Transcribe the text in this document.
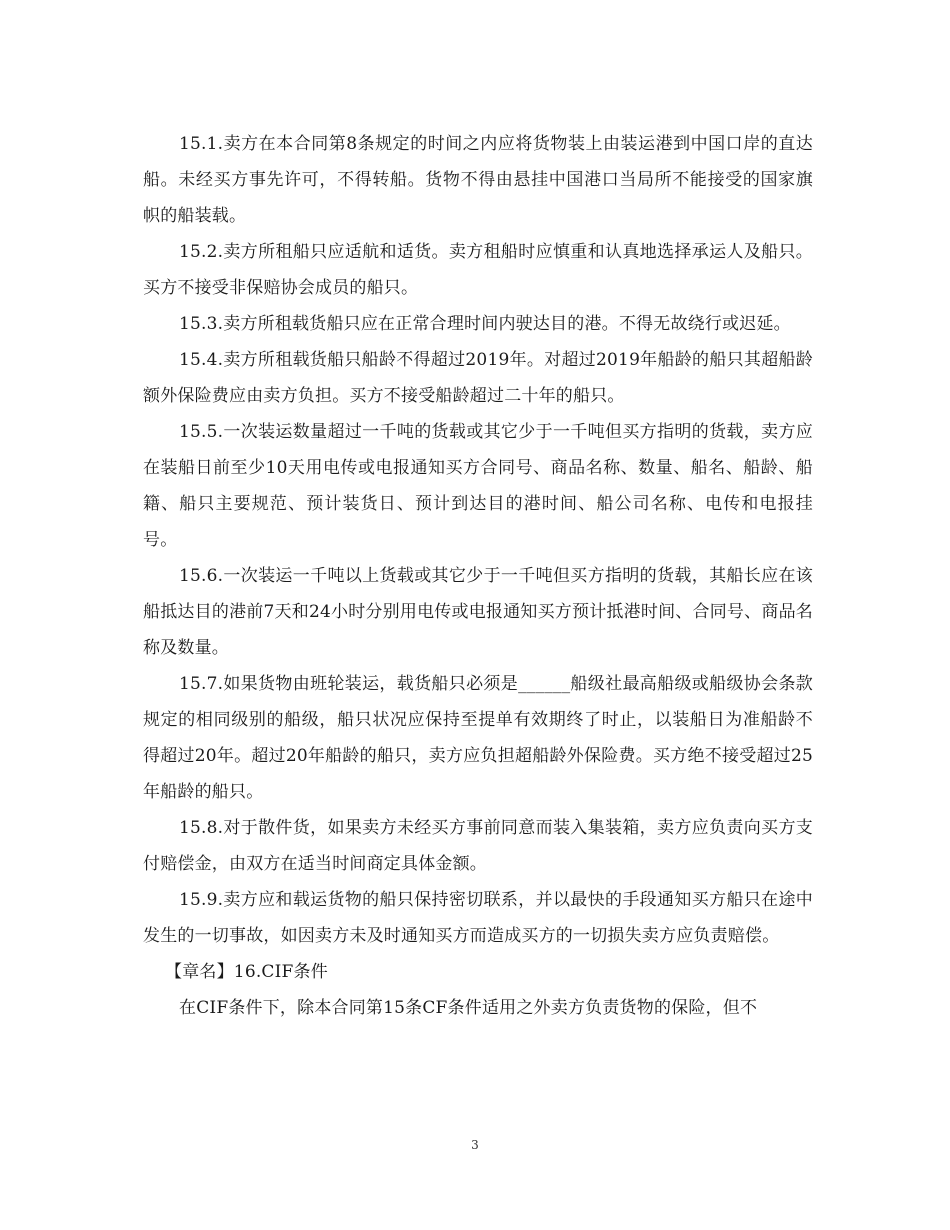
15.1.卖方在本合同第8条规定的时间之内应将货物装上由装运港到中国口岸的直达船。未经买方事先许可，不得转船。货物不得由悬挂中国港口当局所不能接受的国家旗帜的船装载。

15.2.卖方所租船只应适航和适货。卖方租船时应慎重和认真地选择承运人及船只。买方不接受非保赔协会成员的船只。

15.3.卖方所租载货船只应在正常合理时间内驶达目的港。不得无故绕行或迟延。

15.4.卖方所租载货船只船龄不得超过2019年。对超过2019年船龄的船只其超船龄额外保险费应由卖方负担。买方不接受船龄超过二十年的船只。

15.5.一次装运数量超过一千吨的货载或其它少于一千吨但买方指明的货载，卖方应在装船日前至少10天用电传或电报通知买方合同号、商品名称、数量、船名、船龄、船籍、船只主要规范、预计装货日、预计到达目的港时间、船公司名称、电传和电报挂号。

15.6.一次装运一千吨以上货载或其它少于一千吨但买方指明的货载，其船长应在该船抵达目的港前7天和24小时分别用电传或电报通知买方预计抵港时间、合同号、商品名称及数量。

15.7.如果货物由班轮装运，载货船只必须是______船级社最高船级或船级协会条款规定的相同级别的船级，船只状况应保持至提单有效期终了时止，以装船日为准船龄不得超过20年。超过20年船龄的船只，卖方应负担超船龄外保险费。买方绝不接受超过25年船龄的船只。

15.8.对于散件货，如果卖方未经买方事前同意而装入集装箱，卖方应负责向买方支付赔偿金，由双方在适当时间商定具体金额。

15.9.卖方应和载运货物的船只保持密切联系，并以最快的手段通知买方船只在途中发生的一切事故，如因卖方未及时通知买方而造成买方的一切损失卖方应负责赔偿。

【章名】16.CIF条件

在CIF条件下，除本合同第15条CF条件适用之外卖方负责货物的保险，但不

3
